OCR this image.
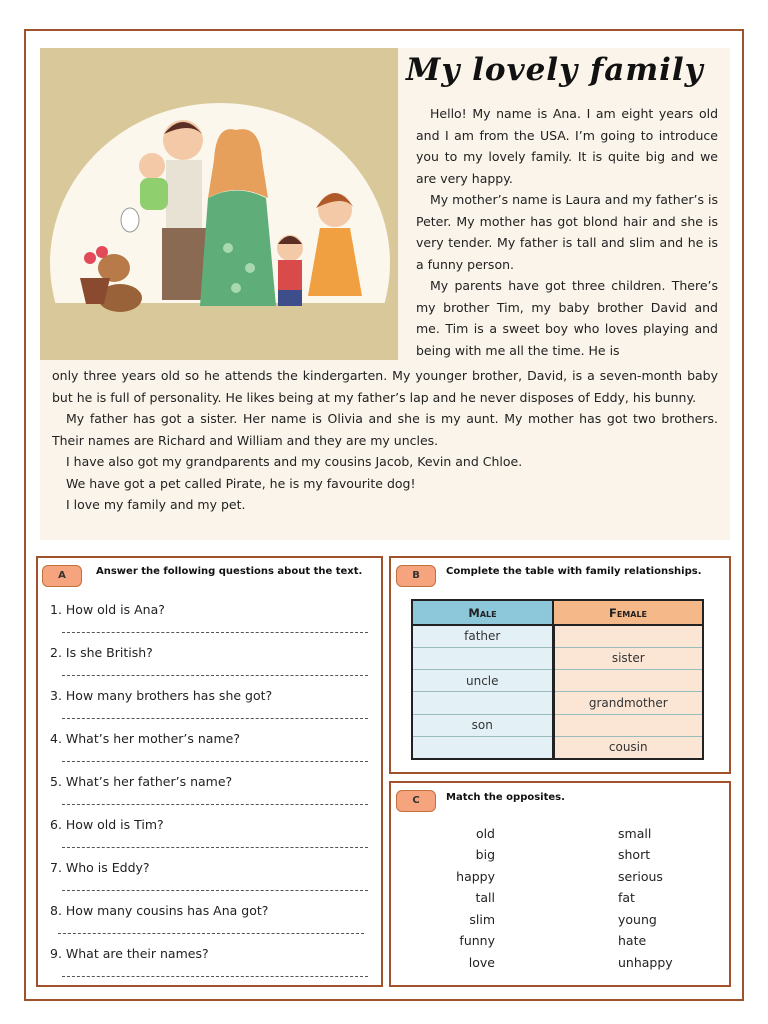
My lovely family

Hello! My name is Ana. I am eight years old and I am from the USA. I’m going to introduce you to my lovely family. It is quite big and we are very happy.

My mother’s name is Laura and my father’s is Peter. My mother has got blond hair and she is very tender. My father is tall and slim and he is a funny person.

My parents have got three children. There’s my brother Tim, my baby brother David and me. Tim is a sweet boy who loves playing and being with me all the time. He is

only three years old so he attends the kindergarten. My younger brother, David, is a seven-month baby but he is full of personality. He likes being at my father’s lap and he never disposes of Eddy, his bunny.

My father has got a sister. Her name is Olivia and she is my aunt. My mother has got two brothers. Their names are Richard and William and they are my uncles.

I have also got my grandparents and my cousins Jacob, Kevin and Chloe.

We have got a pet called Pirate, he is my favourite dog!

I love my family and my pet.

A	Answer the following questions about the text.
1. How old is Ana?
2. Is she British?
3. How many brothers has she got?
4. What’s her mother’s name?
5. What’s her father’s name?
6. How old is Tim?
7. Who is Eddy?
8. How many cousins has Ana got?
9. What are their names?
B	Complete the table with family relationships.
Male	Female
father	
	sister
uncle	
	grandmother
son	
	cousin
C	Match the opposites.
old
big
happy
tall
slim
funny
love
small
short
serious
fat
young
hate
unhappy
